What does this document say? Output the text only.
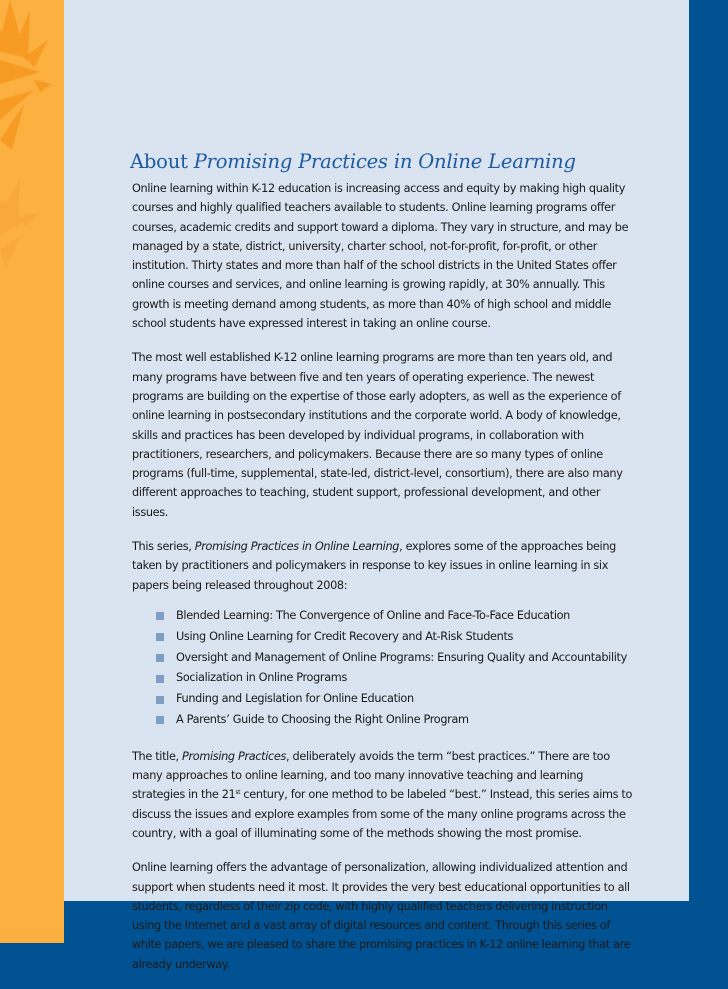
About Promising Practices in Online Learning

Online learning within K-12 education is increasing access and equity by making high quality courses and highly qualified teachers available to students. Online learning programs offer courses, academic credits and support toward a diploma. They vary in structure, and may be managed by a state, district, university, charter school, not-for-profit, for-profit, or other institution. Thirty states and more than half of the school districts in the United States offer online courses and services, and online learning is growing rapidly, at 30% annually. This growth is meeting demand among students, as more than 40% of high school and middle school students have expressed interest in taking an online course.

The most well established K-12 online learning programs are more than ten years old, and many programs have between five and ten years of operating experience. The newest programs are building on the expertise of those early adopters, as well as the experience of online learning in postsecondary institutions and the corporate world. A body of knowledge, skills and practices has been developed by individual programs, in collaboration with practitioners, researchers, and policymakers. Because there are so many types of online programs (full-time, supplemental, state-led, district-level, consortium), there are also many different approaches to teaching, student support, professional development, and other issues.

This series, Promising Practices in Online Learning, explores some of the approaches being taken by practitioners and policymakers in response to key issues in online learning in six papers being released throughout 2008:

Blended Learning: The Convergence of Online and Face-To-Face Education
Using Online Learning for Credit Recovery and At-Risk Students
Oversight and Management of Online Programs: Ensuring Quality and Accountability
Socialization in Online Programs
Funding and Legislation for Online Education
A Parents’ Guide to Choosing the Right Online Program

The title, Promising Practices, deliberately avoids the term “best practices.” There are too many approaches to online learning, and too many innovative teaching and learning strategies in the 21st century, for one method to be labeled “best.” Instead, this series aims to discuss the issues and explore examples from some of the many online programs across the country, with a goal of illuminating some of the methods showing the most promise.

Online learning offers the advantage of personalization, allowing individualized attention and support when students need it most. It provides the very best educational opportunities to all students, regardless of their zip code, with highly qualified teachers delivering instruction using the Internet and a vast array of digital resources and content. Through this series of white papers, we are pleased to share the promising practices in K-12 online learning that are already underway.
